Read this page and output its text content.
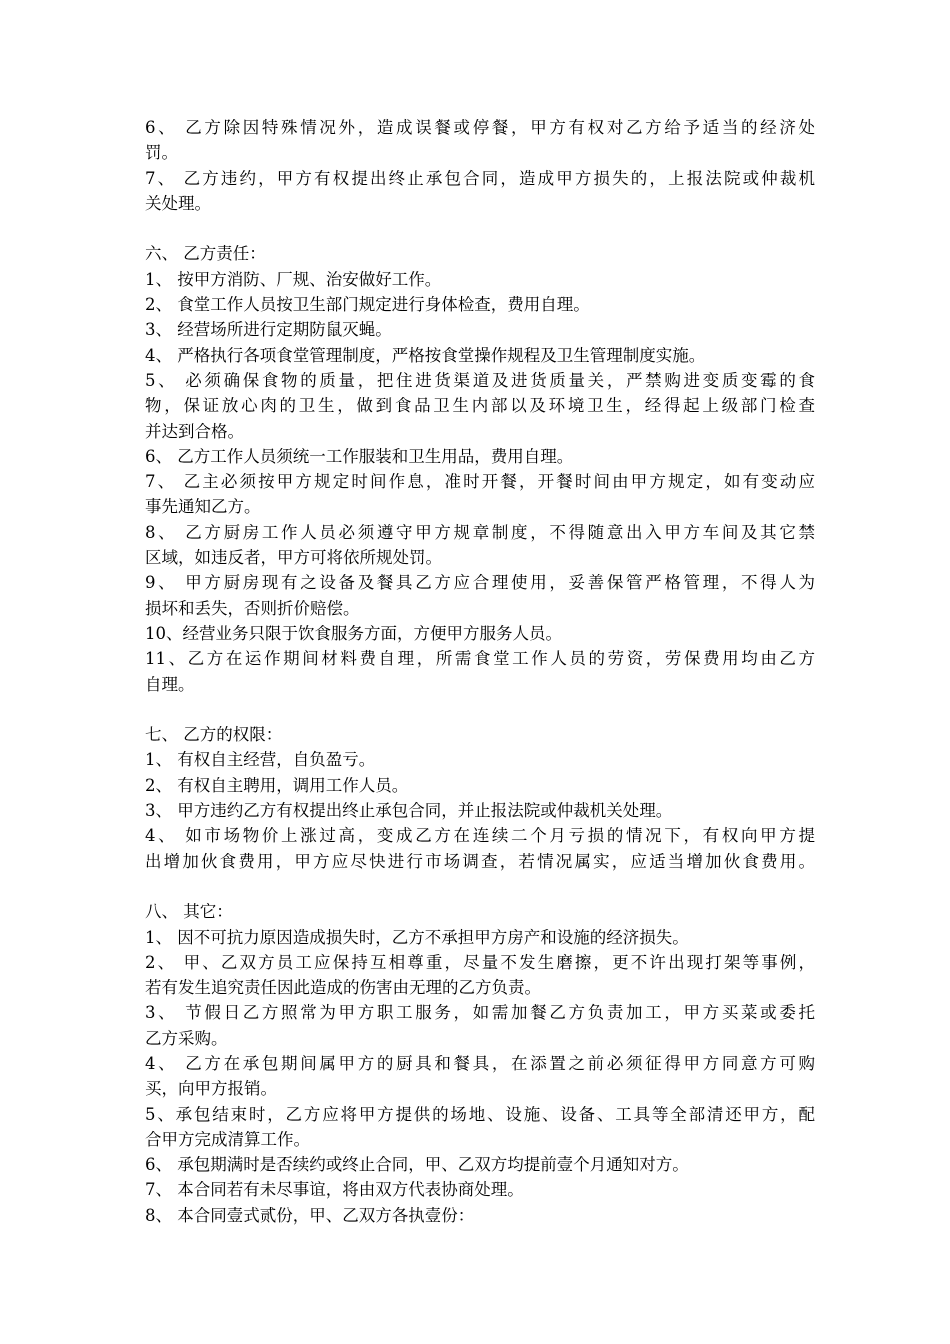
6、 乙方除因特殊情况外，造成误餐或停餐，甲方有权对乙方给予适当的经济处
罚。
7、 乙方违约，甲方有权提出终止承包合同，造成甲方损失的，上报法院或仲裁机
关处理。
六、 乙方责任：
1、 按甲方消防、厂规、治安做好工作。
2、 食堂工作人员按卫生部门规定进行身体检查，费用自理。
3、 经营场所进行定期防鼠灭蝇。
4、 严格执行各项食堂管理制度，严格按食堂操作规程及卫生管理制度实施。
5、 必须确保食物的质量，把住进货渠道及进货质量关，严禁购进变质变霉的食
物，保证放心肉的卫生，做到食品卫生内部以及环境卫生，经得起上级部门检查
并达到合格。
6、 乙方工作人员须统一工作服装和卫生用品，费用自理。
7、 乙主必须按甲方规定时间作息，准时开餐，开餐时间由甲方规定，如有变动应
事先通知乙方。
8、 乙方厨房工作人员必须遵守甲方规章制度，不得随意出入甲方车间及其它禁
区域，如违反者，甲方可将依所规处罚。
9、 甲方厨房现有之设备及餐具乙方应合理使用，妥善保管严格管理，不得人为
损坏和丢失，否则折价赔偿。
10、经营业务只限于饮食服务方面，方便甲方服务人员。
11、乙方在运作期间材料费自理，所需食堂工作人员的劳资，劳保费用均由乙方
自理。
七、 乙方的权限：
1、 有权自主经营，自负盈亏。
2、 有权自主聘用，调用工作人员。
3、 甲方违约乙方有权提出终止承包合同，并止报法院或仲裁机关处理。
4、 如市场物价上涨过高，变成乙方在连续二个月亏损的情况下，有权向甲方提
出增加伙食费用，甲方应尽快进行市场调查，若情况属实，应适当增加伙食费用。
八、 其它：
1、 因不可抗力原因造成损失时，乙方不承担甲方房产和设施的经济损失。
2、 甲、乙双方员工应保持互相尊重，尽量不发生磨擦，更不许出现打架等事例，
若有发生追究责任因此造成的伤害由无理的乙方负责。
3、 节假日乙方照常为甲方职工服务，如需加餐乙方负责加工，甲方买菜或委托
乙方采购。
4、 乙方在承包期间属甲方的厨具和餐具，在添置之前必须征得甲方同意方可购
买，向甲方报销。
5、承包结束时，乙方应将甲方提供的场地、设施、设备、工具等全部清还甲方，配
合甲方完成清算工作。
6、 承包期满时是否续约或终止合同，甲、乙双方均提前壹个月通知对方。
7、 本合同若有未尽事谊，将由双方代表协商处理。
8、 本合同壹式贰份，甲、乙双方各执壹份：
